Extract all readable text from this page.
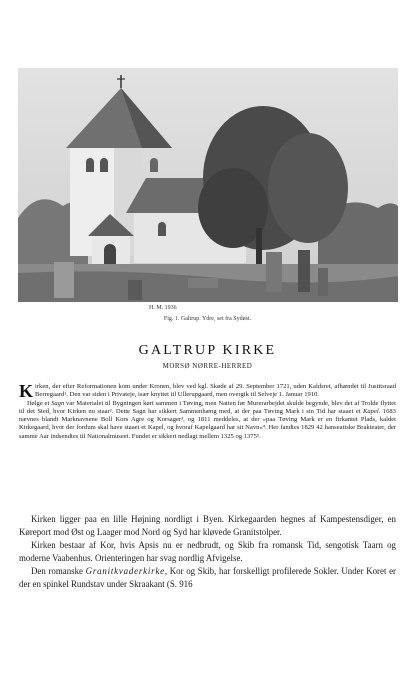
H. M. 1936
Fig. 1. Galtrup. Ydre, set fra Sydøst.
GALTRUP KIRKE
MORSØ NØRRE-HERRED

Kirken, der efter Reformationen kom under Kronen, blev ved kgl. Skøde af 29. September 1721, uden Kaldsret, afhændet til Justitsraad Berregaard¹. Den var siden i Privateje, især knyttet til Ullerupgaard, men overgik til Selveje 1. Januar 1910.

Ifølge et Sagn var Materialet til Bygningen kørt sammen i Tøving, men Natten før Murerarbejdet skulde begynde, blev det af Trolde flyttet til det Sted, hvor Kirken nu staar². Dette Sagn har sikkert Sammenhæng med, at der paa Tøving Mark i sin Tid har staaet et Kapel. 1683 nævnes blandt Marknavnene Boll Kors Agre og Korsager³, og 1811 meddeles, at der »paa Tøving Mark er en firkantet Plads, kaldet Kirkegaard, hvor der fordum skal have staaet et Kapel, og hvoraf Kapelgaard har sit Navn«⁴. Her fandtes 1829 42 hanseatiske Brakteater, der samme Aar indsendtes til Nationalmuseet. Fundet er sikkert nedlagt mellem 1325 og 1375⁵.

Kirken ligger paa en lille Højning nordligt i Byen. Kirkegaarden hegnes af Kampestensdiger, en Køreport mod Øst og Laager mod Nord og Syd har kløvede Granitstolper.

Kirken bestaar af Kor, hvis Apsis nu er nedbrudt, og Skib fra romansk Tid, sengotisk Taarn og moderne Vaabenhus. Orienteringen har svag nordlig Afvigelse.

Den romanske Granitkvaderkirke, Kor og Skib, har forskelligt profilerede Sokler. Under Koret er der en spinkel Rundstav under Skraakant (S. 916
